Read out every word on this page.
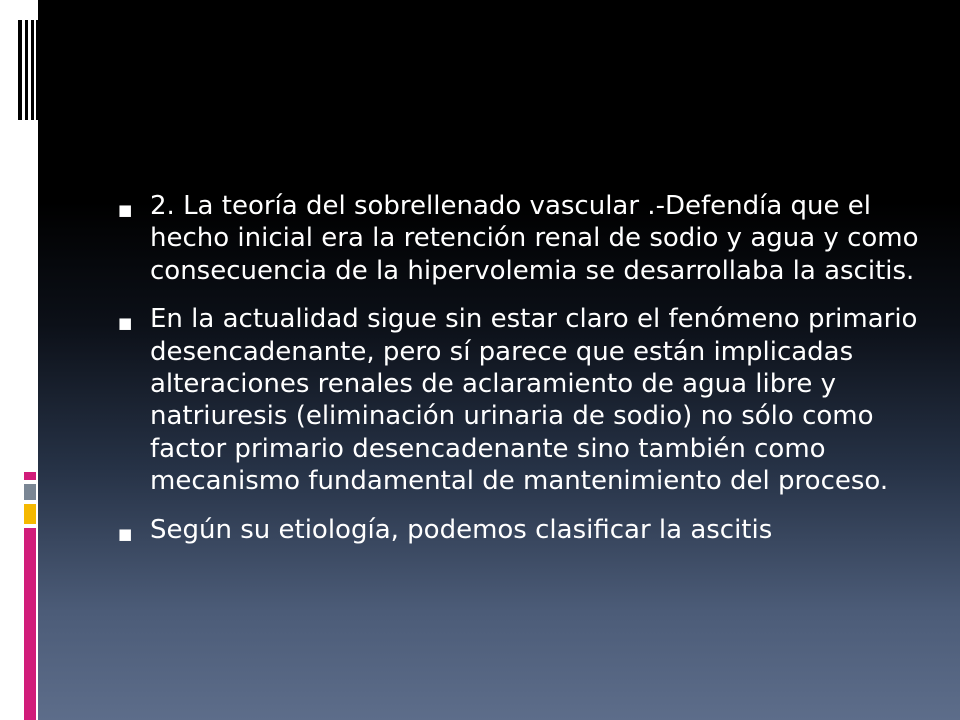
■ 2. La teoría del sobrellenado vascular .-Defendía que el hecho inicial era la retención renal de sodio y agua y como consecuencia de la hipervolemia se desarrollaba la ascitis.
■ En la actualidad sigue sin estar claro el fenómeno primario desencadenante, pero sí parece que están implicadas alteraciones renales de aclaramiento de agua libre y natriuresis (eliminación urinaria de sodio) no sólo como factor primario desencadenante sino también como mecanismo fundamental de mantenimiento del proceso.
■ Según su etiología, podemos clasificar la ascitis
